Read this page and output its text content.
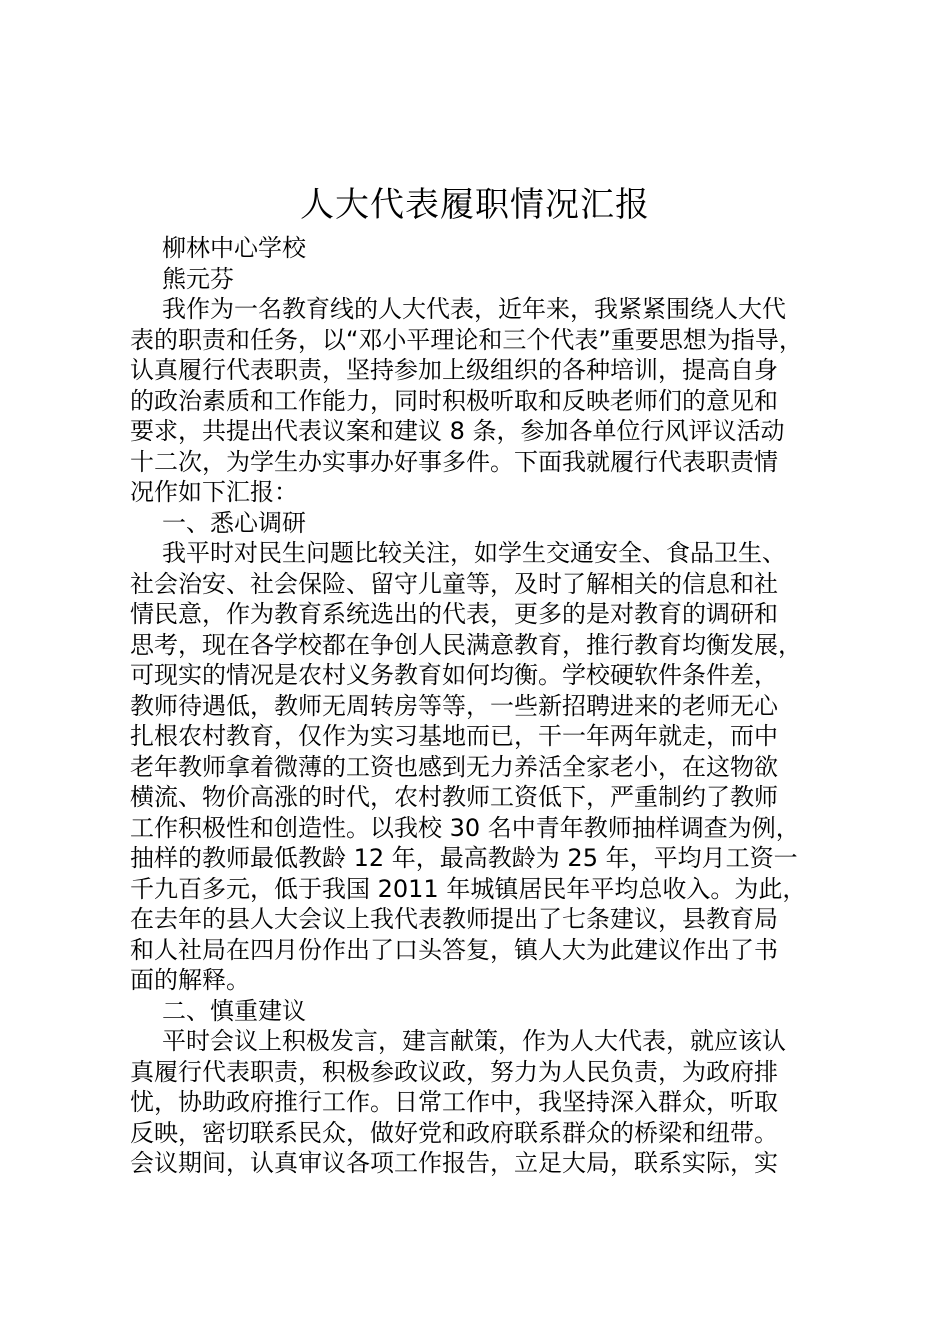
人大代表履职情况汇报

柳林中心学校

熊元芬

我作为一名教育线的人大代表，近年来，我紧紧围绕人大代

表的职责和任务，以“邓小平理论和三个代表”重要思想为指导，

认真履行代表职责，坚持参加上级组织的各种培训，提高自身

的政治素质和工作能力，同时积极听取和反映老师们的意见和

要求，共提出代表议案和建议 8 条，参加各单位行风评议活动

十二次，为学生办实事办好事多件。下面我就履行代表职责情

况作如下汇报：

一、悉心调研

我平时对民生问题比较关注，如学生交通安全、食品卫生、

社会治安、社会保险、留守儿童等，及时了解相关的信息和社

情民意，作为教育系统选出的代表，更多的是对教育的调研和

思考，现在各学校都在争创人民满意教育，推行教育均衡发展，

可现实的情况是农村义务教育如何均衡。学校硬软件条件差，

教师待遇低，教师无周转房等等，一些新招聘进来的老师无心

扎根农村教育，仅作为实习基地而已，干一年两年就走，而中

老年教师拿着微薄的工资也感到无力养活全家老小，在这物欲

横流、物价高涨的时代，农村教师工资低下，严重制约了教师

工作积极性和创造性。以我校 30 名中青年教师抽样调查为例，

抽样的教师最低教龄 12 年，最高教龄为 25 年，平均月工资一

千九百多元，低于我国 2011 年城镇居民年平均总收入。为此，

在去年的县人大会议上我代表教师提出了七条建议，县教育局

和人社局在四月份作出了口头答复，镇人大为此建议作出了书

面的解释。

二、慎重建议

平时会议上积极发言，建言献策，作为人大代表，就应该认

真履行代表职责，积极参政议政，努力为人民负责，为政府排

忧，协助政府推行工作。日常工作中，我坚持深入群众，听取

反映，密切联系民众，做好党和政府联系群众的桥梁和纽带。

会议期间，认真审议各项工作报告，立足大局，联系实际，实
